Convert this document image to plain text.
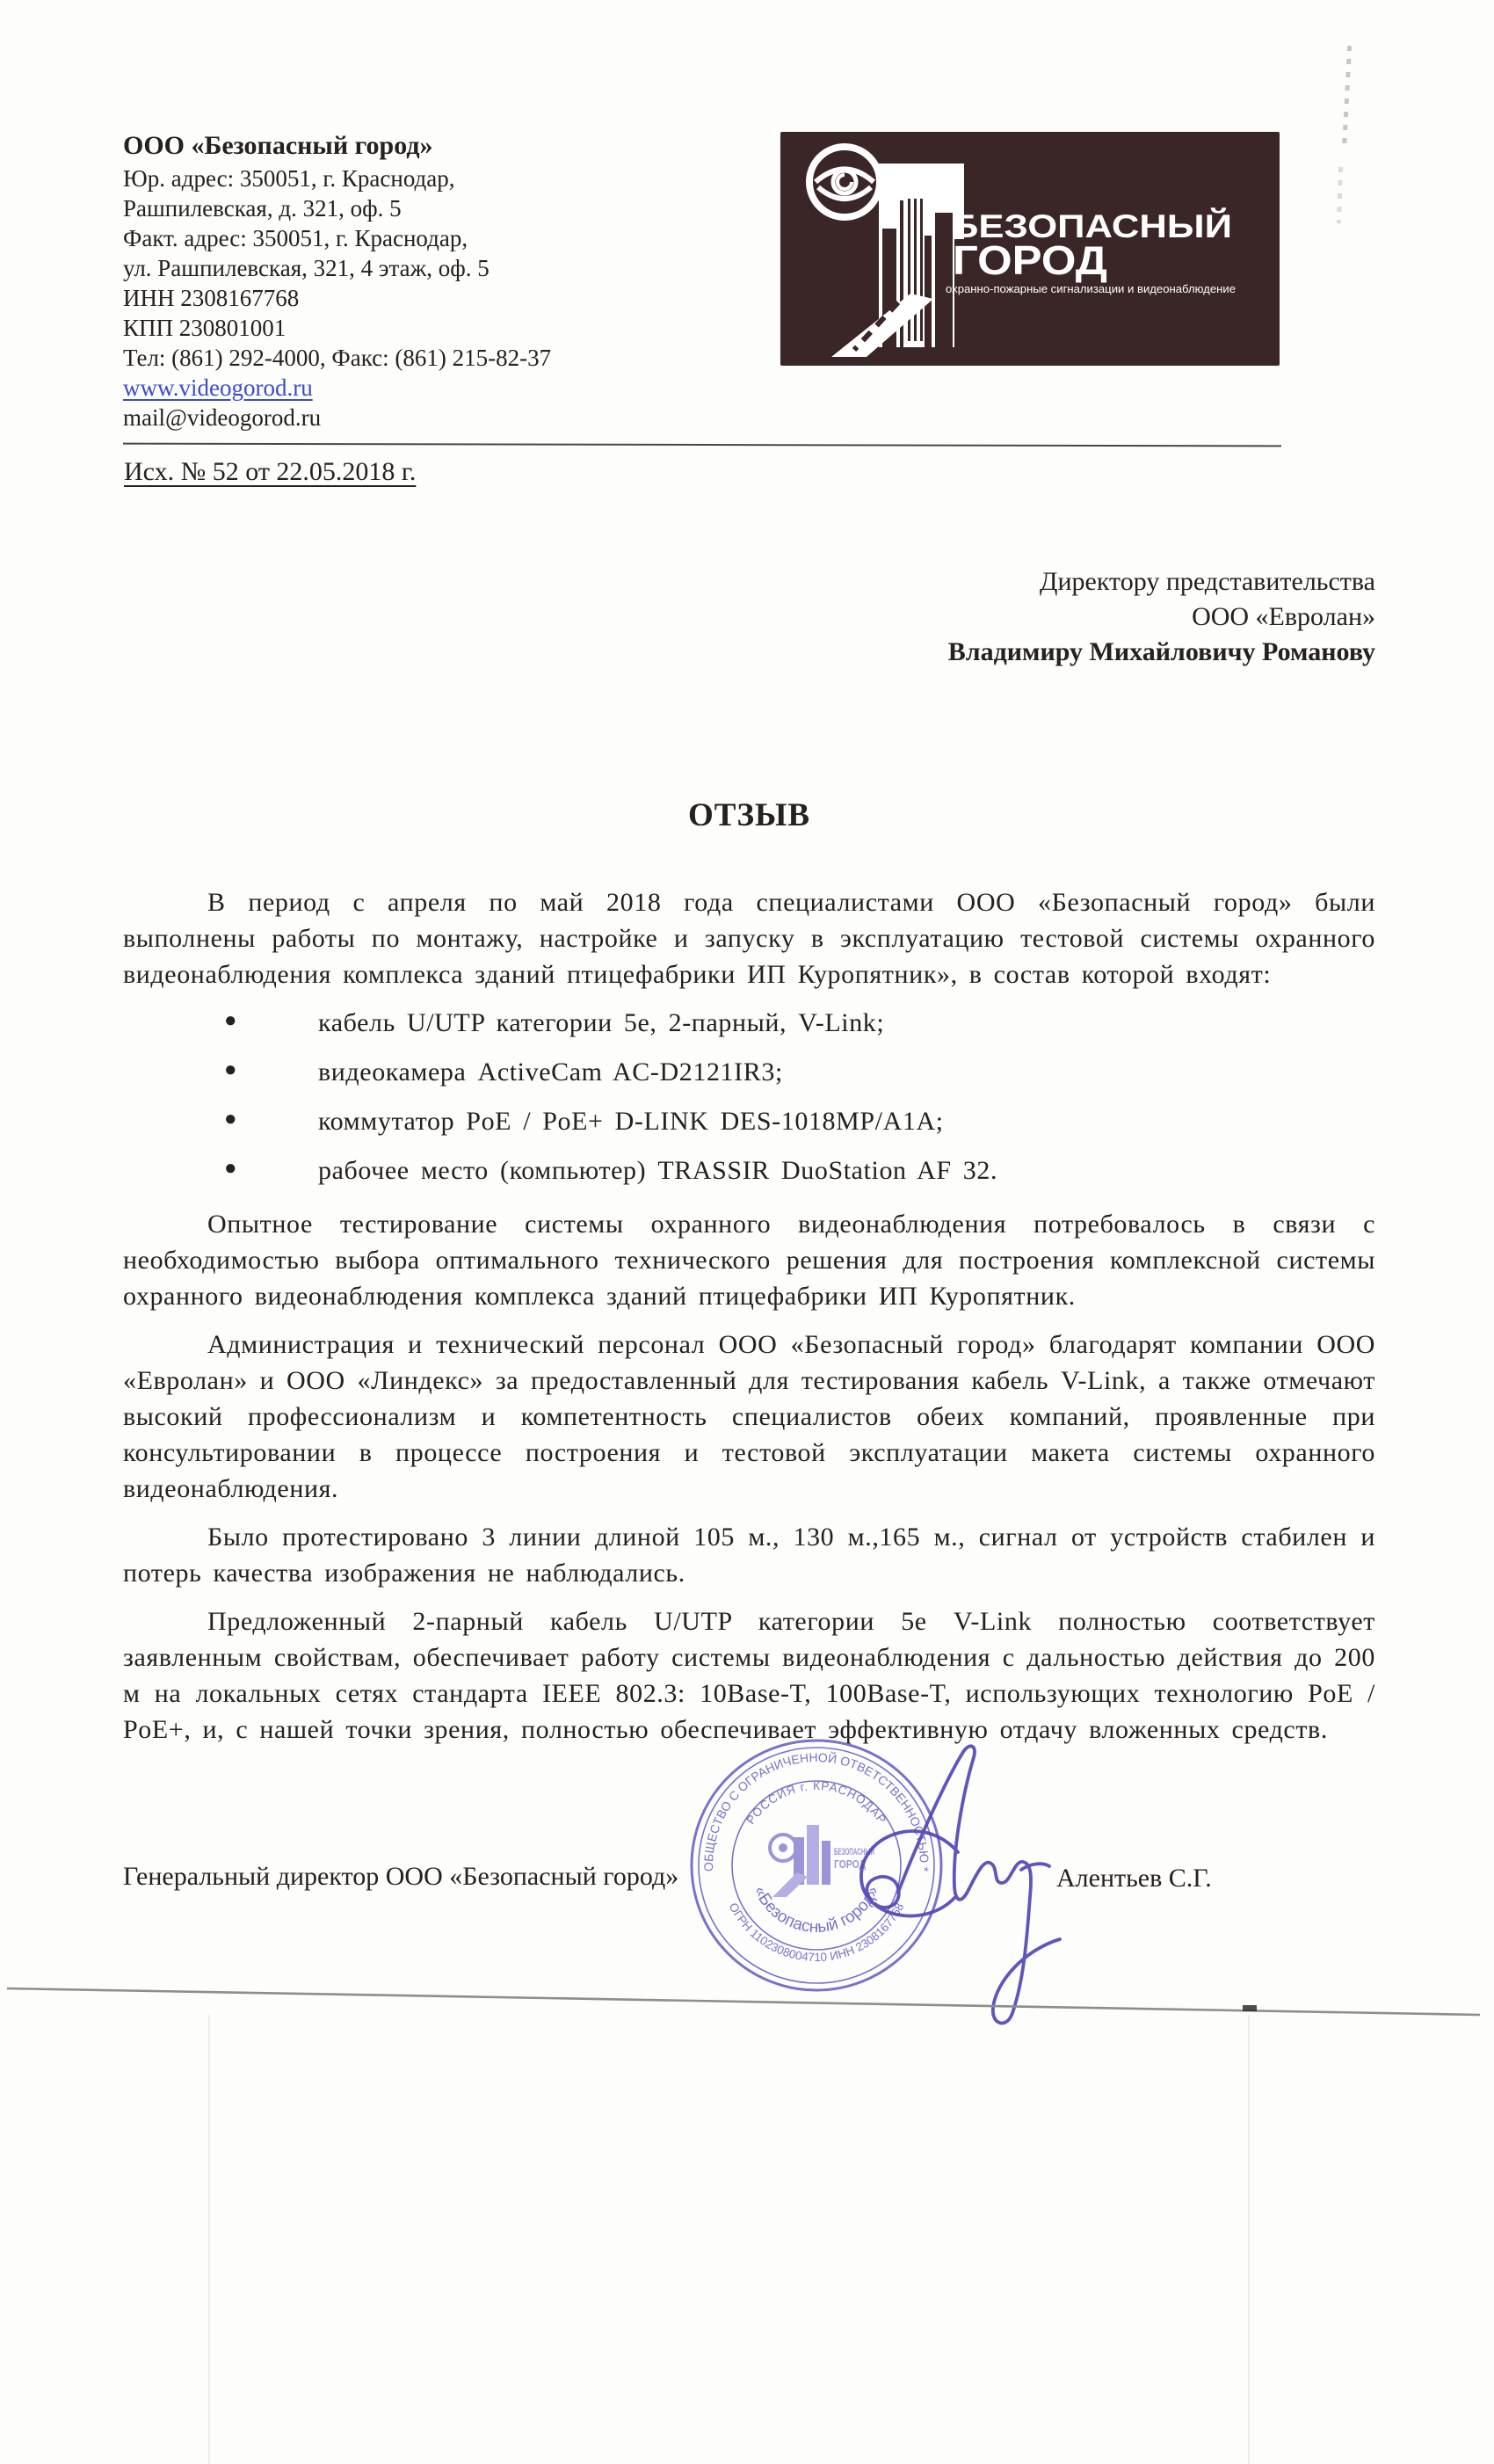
ООО «Безопасный город»
Юр. адрес: 350051, г. Краснодар,
Рашпилевская, д. 321, оф. 5
Факт. адрес: 350051, г. Краснодар,
ул. Рашпилевская, 321, 4 этаж, оф. 5
ИНН 2308167768
КПП 230801001
Тел: (861) 292-4000, Факс: (861) 215-82-37
www.videogorod.ru
mail@videogorod.ru
БЕЗОПАСНЫЙ
ГОРОД
охранно-пожарные сигнализации и видеонаблюдение
Исх. № 52 от 22.05.2018 г.
Директору представительства
ООО «Евролан»
Владимиру Михайловичу Романову
ОТЗЫВ

В период с апреля по май 2018 года специалистами ООО «Безопасный город» были выполнены работы по монтажу, настройке и запуску в эксплуатацию тестовой системы охранного видеонаблюдения комплекса зданий птицефабрики ИП Куропятник», в состав которой входят:

●	кабель U/UTP категории 5е, 2-парный, V-Link;
●	видеокамера ActiveCam AC-D2121IR3;
●	коммутатор PoE / PoE+ D-LINK DES-1018MP/A1A;
●	рабочее место (компьютер) TRASSIR DuoStation AF 32.

Опытное тестирование системы охранного видеонаблюдения потребовалось в связи с необходимостью выбора оптимального технического решения для построения комплексной системы охранного видеонаблюдения комплекса зданий птицефабрики ИП Куропятник.

Администрация и технический персонал ООО «Безопасный город» благодарят компании ООО «Евролан» и ООО «Линдекс» за предоставленный для тестирования кабель V-Link, а также отмечают высокий профессионализм и компетентность специалистов обеих компаний, проявленные при консультировании в процессе построения и тестовой эксплуатации макета системы охранного видеонаблюдения.

Было протестировано 3 линии длиной 105 м., 130 м.,165 м., сигнал от устройств стабилен и потерь качества изображения не наблюдались.

Предложенный 2-парный кабель U/UTP категории 5е V-Link полностью соответствует заявленным свойствам, обеспечивает работу системы видеонаблюдения с дальностью действия до 200 м на локальных сетях стандарта IEEE 802.3: 10Base-T, 100Base-T, использующих технологию PoE / PoE+, и, с нашей точки зрения, полностью обеспечивает эффективную отдачу вложенных средств.

ОБЩЕСТВО С ОГРАНИЧЕННОЙ ОТВЕТСТВЕННОСТЬЮ *
РОССИЯ г. КРАСНОДАР
«Безопасный город»
ОГРН 1102308004710 ИНН 2308167768
БЕЗОПАСНЫЙ
ГОРОД
Генеральный директор ООО «Безопасный город»	Алентьев С.Г.
